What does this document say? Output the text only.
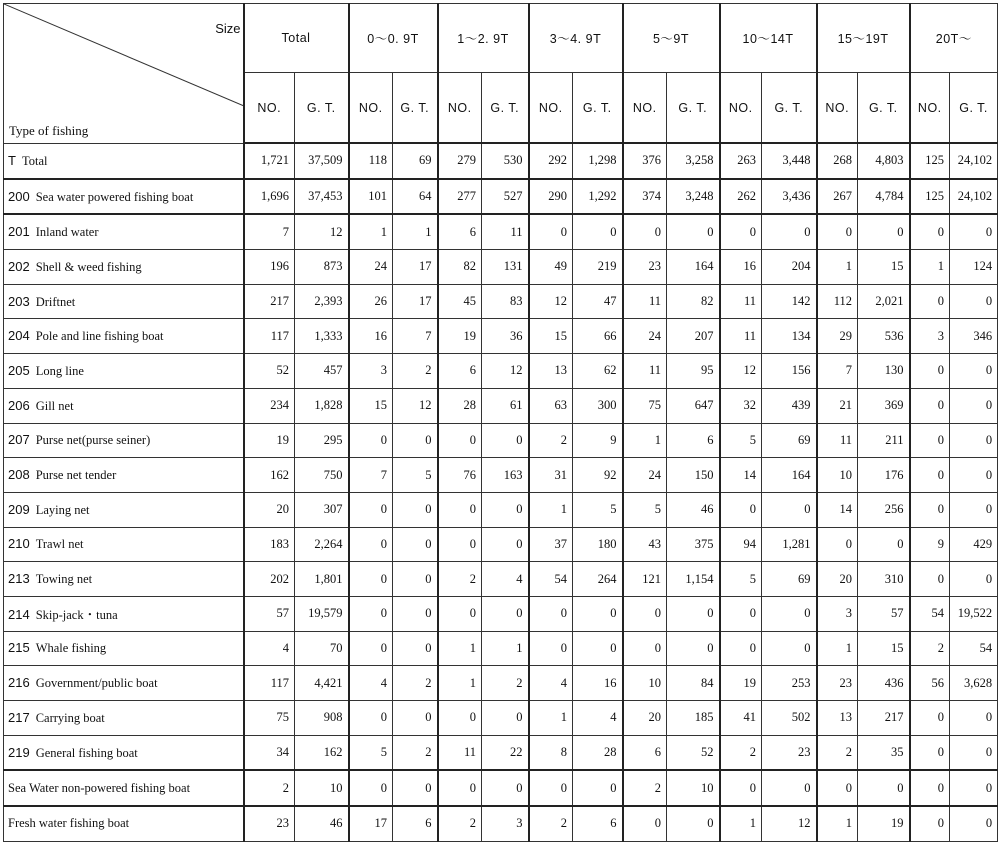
Size
Type of fishing	Total		0～0. 9T		1～2. 9T		3～4. 9T		5～9T		10～14T		15～19T		20T～	
	NO.	G. T.	NO.	G. T.	NO.	G. T.	NO.	G. T.	NO.	G. T.	NO.	G. T.	NO.	G. T.	NO.	G. T.
T Total	1,721	37,509	118	69	279	530	292	1,298	376	3,258	263	3,448	268	4,803	125	24,102
200 Sea water powered fishing boat	1,696	37,453	101	64	277	527	290	1,292	374	3,248	262	3,436	267	4,784	125	24,102
201 Inland water	7	12	1	1	6	11	0	0	0	0	0	0	0	0	0	0
202 Shell & weed fishing	196	873	24	17	82	131	49	219	23	164	16	204	1	15	1	124
203 Driftnet	217	2,393	26	17	45	83	12	47	11	82	11	142	112	2,021	0	0
204 Pole and line fishing boat	117	1,333	16	7	19	36	15	66	24	207	11	134	29	536	3	346
205 Long line	52	457	3	2	6	12	13	62	11	95	12	156	7	130	0	0
206 Gill net	234	1,828	15	12	28	61	63	300	75	647	32	439	21	369	0	0
207 Purse net(purse seiner)	19	295	0	0	0	0	2	9	1	6	5	69	11	211	0	0
208 Purse net tender	162	750	7	5	76	163	31	92	24	150	14	164	10	176	0	0
209 Laying net	20	307	0	0	0	0	1	5	5	46	0	0	14	256	0	0
210 Trawl net	183	2,264	0	0	0	0	37	180	43	375	94	1,281	0	0	9	429
213 Towing net	202	1,801	0	0	2	4	54	264	121	1,154	5	69	20	310	0	0
214 Skip-jack・tuna	57	19,579	0	0	0	0	0	0	0	0	0	0	3	57	54	19,522
215 Whale fishing	4	70	0	0	1	1	0	0	0	0	0	0	1	15	2	54
216 Government/public boat	117	4,421	4	2	1	2	4	16	10	84	19	253	23	436	56	3,628
217 Carrying boat	75	908	0	0	0	0	1	4	20	185	41	502	13	217	0	0
219 General fishing boat	34	162	5	2	11	22	8	28	6	52	2	23	2	35	0	0
Sea Water non-powered fishing boat	2	10	0	0	0	0	0	0	2	10	0	0	0	0	0	0
Fresh water fishing boat	23	46	17	6	2	3	2	6	0	0	1	12	1	19	0	0
